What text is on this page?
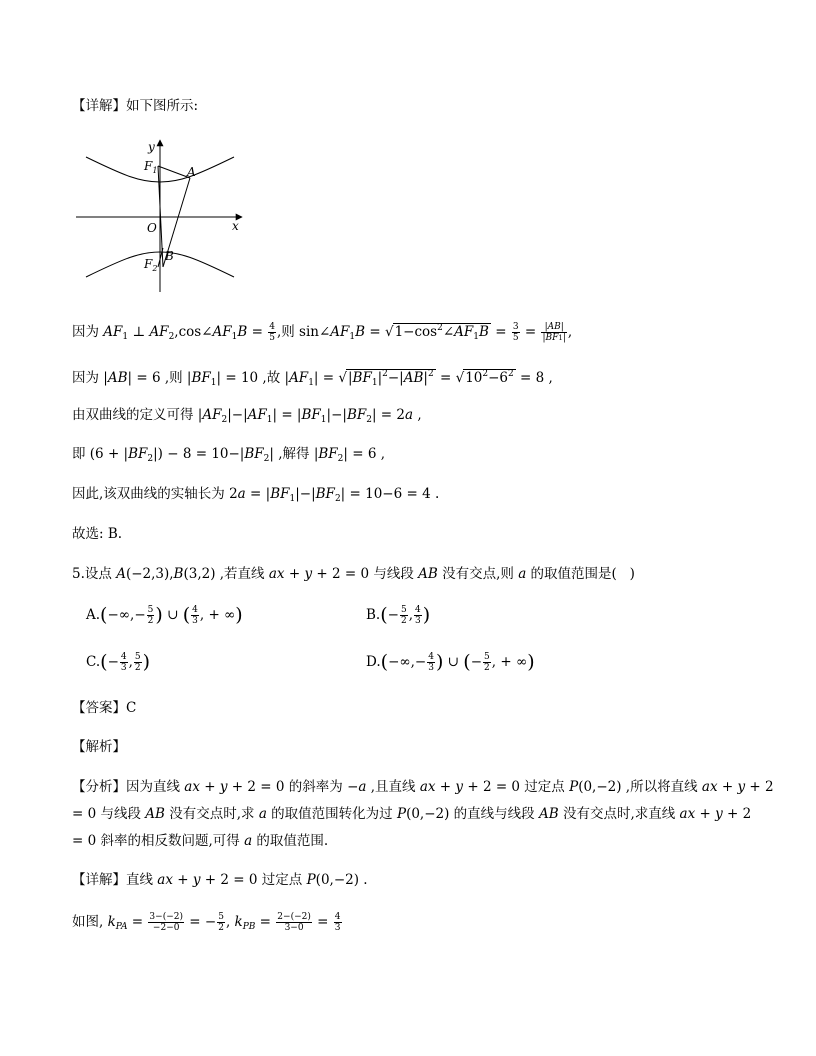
【详解】如下图所示:
y
x
O
$F_1$ A
B
$F_2$
因为 $AF_1$ ⊥ $AF_2,\cos\angle AF_1B = \frac{4}{5}$ ,则 $\sin\angle AF_1B$ = $√1-\cos^2\angle AF_1B = \frac{3}{5} = \frac{|AB|}{|BF1|}$ ,
因为 |AB| = 6 ,则 $|BF_1| = 10$ ,故 $|AF_1| = √|BF_1|^2-|AB|^2 = √10^2-6^2 = 8$ ,
由双曲线的定义可得 $|AF_2|-|AF_1| = |BF_1|-|BF_2| = 2a$ ,
即 $(6 + |BF_2|) - 8 = 10-|BF_2|$ ,解得 $|BF_2| = 6$ ,
因此,该双曲线的实轴长为 $2a = |BF_1|-|BF_2| = 10-6 = 4$ .
故选: B.
5.设点 A(−2,3),B(3,2) ,若直线 ax + y + 2 = 0 与线段 AB 没有交点,则 a 的取值范围是(   )
$A.(-\infty,- \frac{5}{2}$ ) ∪ ( $\frac{4}{3}$ , + ∞)	$B.(- \frac{5}{2}$ , $\frac{4}{3}$ )
$C.(- \frac{4}{3}$ , $\frac{5}{2}$ )	$D.(-\infty,- \frac{4}{3}$ ) ∪ (− $\frac{5}{2}$ , + ∞)
【答案】C
【解析】
【分析】因为直线 ax + y + 2 = 0 的斜率为 −a ,且直线 ax + y + 2 = 0 过定点 P(0,−2) ,所以将直线 ax + y + 2
= 0 与线段 AB 没有交点时,求 a 的取值范围转化为过 P(0,−2) 的直线与线段 AB 没有交点时,求直线 ax + y + 2
= 0 斜率的相反数问题,可得 a 的取值范围.
【详解】直线 ax + y + 2 = 0 过定点 P(0,−2) .
如图, $k_{PA} = \frac{3-(-2)}{-2-0}$ = − $\frac{5}{2}$ , $k_{PB} = \frac{2-(-2)}{3-0} = \frac{4}{3}$
